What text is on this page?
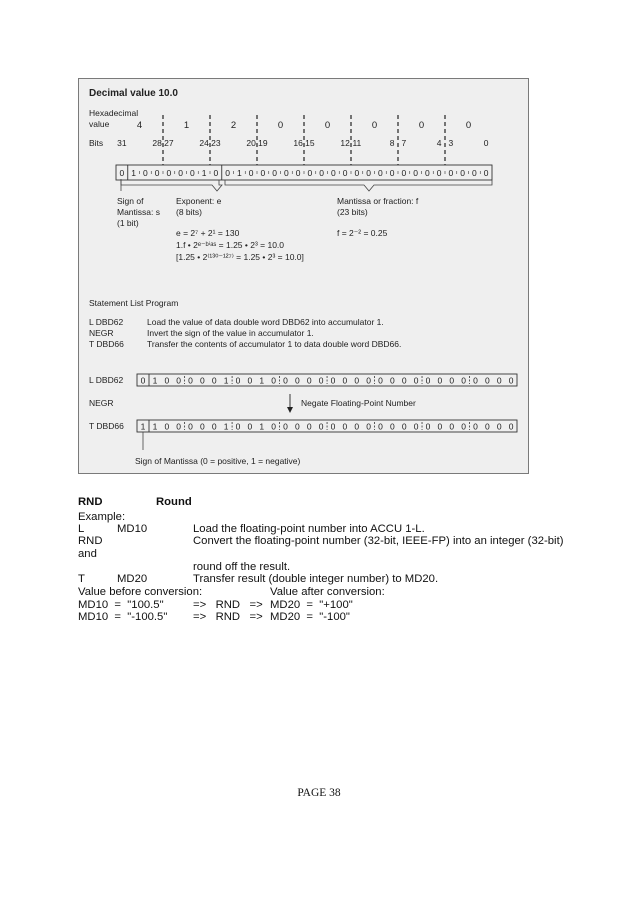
Decimal value 10.0
Hexadecimal
value
Bits
4	1	2	0	0	0	0	0
31	28 27	24 23	20 19	16 15	12 11	8 7	4 3	0
0 1 0 0 0 0 0 1 0 0 1 0 0 0 0 0 0 0 0 0 0 0 0 0 0 0 0 0 0 0 0 0
Sign of
Mantissa: s
(1 bit)
Exponent: e
(8 bits)
Mantissa or fraction: f
(23 bits)
e = 2⁷ + 2¹ = 130	f = 2⁻² = 0.25
1.f • 2ᵉ⁻ᵇⁱᵃˢ = 1.25 • 2³ = 10.0
[1.25 • 2⁽¹³⁰⁻¹²⁷⁾ = 1.25 • 2³ = 10.0]
Statement List Program
L DBD62	Load the value of data double word DBD62 into accumulator 1.
NEGR	Invert the sign of the value in accumulator 1.
T DBD66	Transfer the contents of accumulator 1 to data double word DBD66.
L DBD62 0 1 0 0 0 0 0 1 0 0 1 0 0 0 0 0 0 0 0 0 0 0 0 0 0 0 0 0 0 0 0 0
NEGR	Negate Floating-Point Number
T DBD66 1 1 0 0 0 0 0 1 0 0 1 0 0 0 0 0 0 0 0 0 0 0 0 0 0 0 0 0 0 0 0 0
Sign of Mantissa (0 = positive, 1 = negative)
RND	Round
Example:
L	MD10	Load the floating-point number into ACCU 1-L.
RND	Convert the floating-point number (32-bit, IEEE-FP) into an integer (32-bit)
and
round off the result.
T	MD20	Transfer result (double integer number) to MD20.
Value before conversion:	Value after conversion:
MD10  =  "100.5"	=>   RND   => MD20  =  "+100"
MD10  =  "-100.5" =>   RND   => MD20  =  "-100"
PAGE 38
